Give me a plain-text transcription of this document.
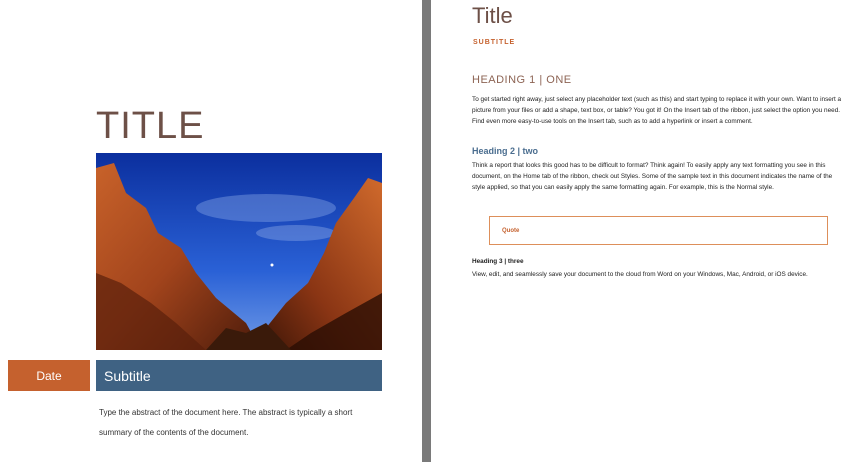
TITLE
Date	Subtitle
Type the abstract of the document here. The abstract is typically a short summary of the contents of the document.
Title
SUBTITLE
HEADING 1 | ONE
To get started right away, just select any placeholder text (such as this) and start typing to replace it with your own. Want to insert a picture from your files or add a shape, text box, or table? You got it! On the Insert tab of the ribbon, just select the option you need. Find even more easy-to-use tools on the Insert tab, such as to add a hyperlink or insert a comment.
Heading 2 | two
Think a report that looks this good has to be difficult to format? Think again! To easily apply any text formatting you see in this document, on the Home tab of the ribbon, check out Styles. Some of the sample text in this document indicates the name of the style applied, so that you can easily apply the same formatting again. For example, this is the Normal style.
Quote
Heading 3 | three
View, edit, and seamlessly save your document to the cloud from Word on your Windows, Mac, Android, or iOS device.
